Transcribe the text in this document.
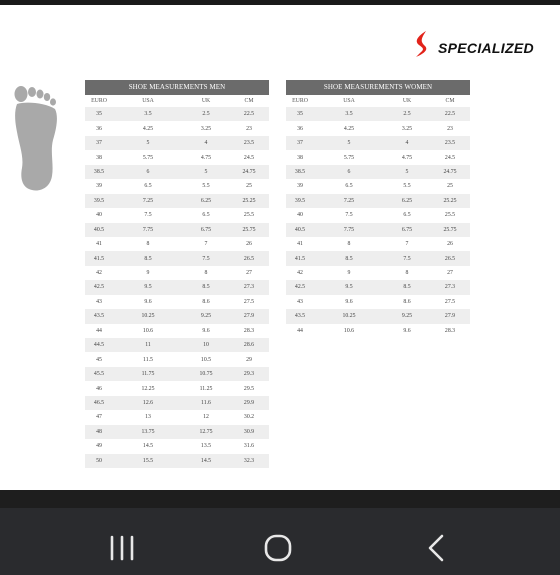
SPECIALIZED
SHOE MEASUREMENTS MEN
EURO	USA	UK	CM
35	3.5	2.5	22.5
36	4.25	3.25	23
37	5	4	23.5
38	5.75	4.75	24.5
38.5	6	5	24.75
39	6.5	5.5	25
39.5	7.25	6.25	25.25
40	7.5	6.5	25.5
40.5	7.75	6.75	25.75
41	8	7	26
41.5	8.5	7.5	26.5
42	9	8	27
42.5	9.5	8.5	27.3
43	9.6	8.6	27.5
43.5	10.25	9.25	27.9
44	10.6	9.6	28.3
44.5	11	10	28.6
45	11.5	10.5	29
45.5	11.75	10.75	29.3
46	12.25	11.25	29.5
46.5	12.6	11.6	29.9
47	13	12	30.2
48	13.75	12.75	30.9
49	14.5	13.5	31.6
50	15.5	14.5	32.3
SHOE MEASUREMENTS WOMEN
EURO	USA	UK	CM
35	3.5	2.5	22.5
36	4.25	3.25	23
37	5	4	23.5
38	5.75	4.75	24.5
38.5	6	5	24.75
39	6.5	5.5	25
39.5	7.25	6.25	25.25
40	7.5	6.5	25.5
40.5	7.75	6.75	25.75
41	8	7	26
41.5	8.5	7.5	26.5
42	9	8	27
42.5	9.5	8.5	27.3
43	9.6	8.6	27.5
43.5	10.25	9.25	27.9
44	10.6	9.6	28.3
